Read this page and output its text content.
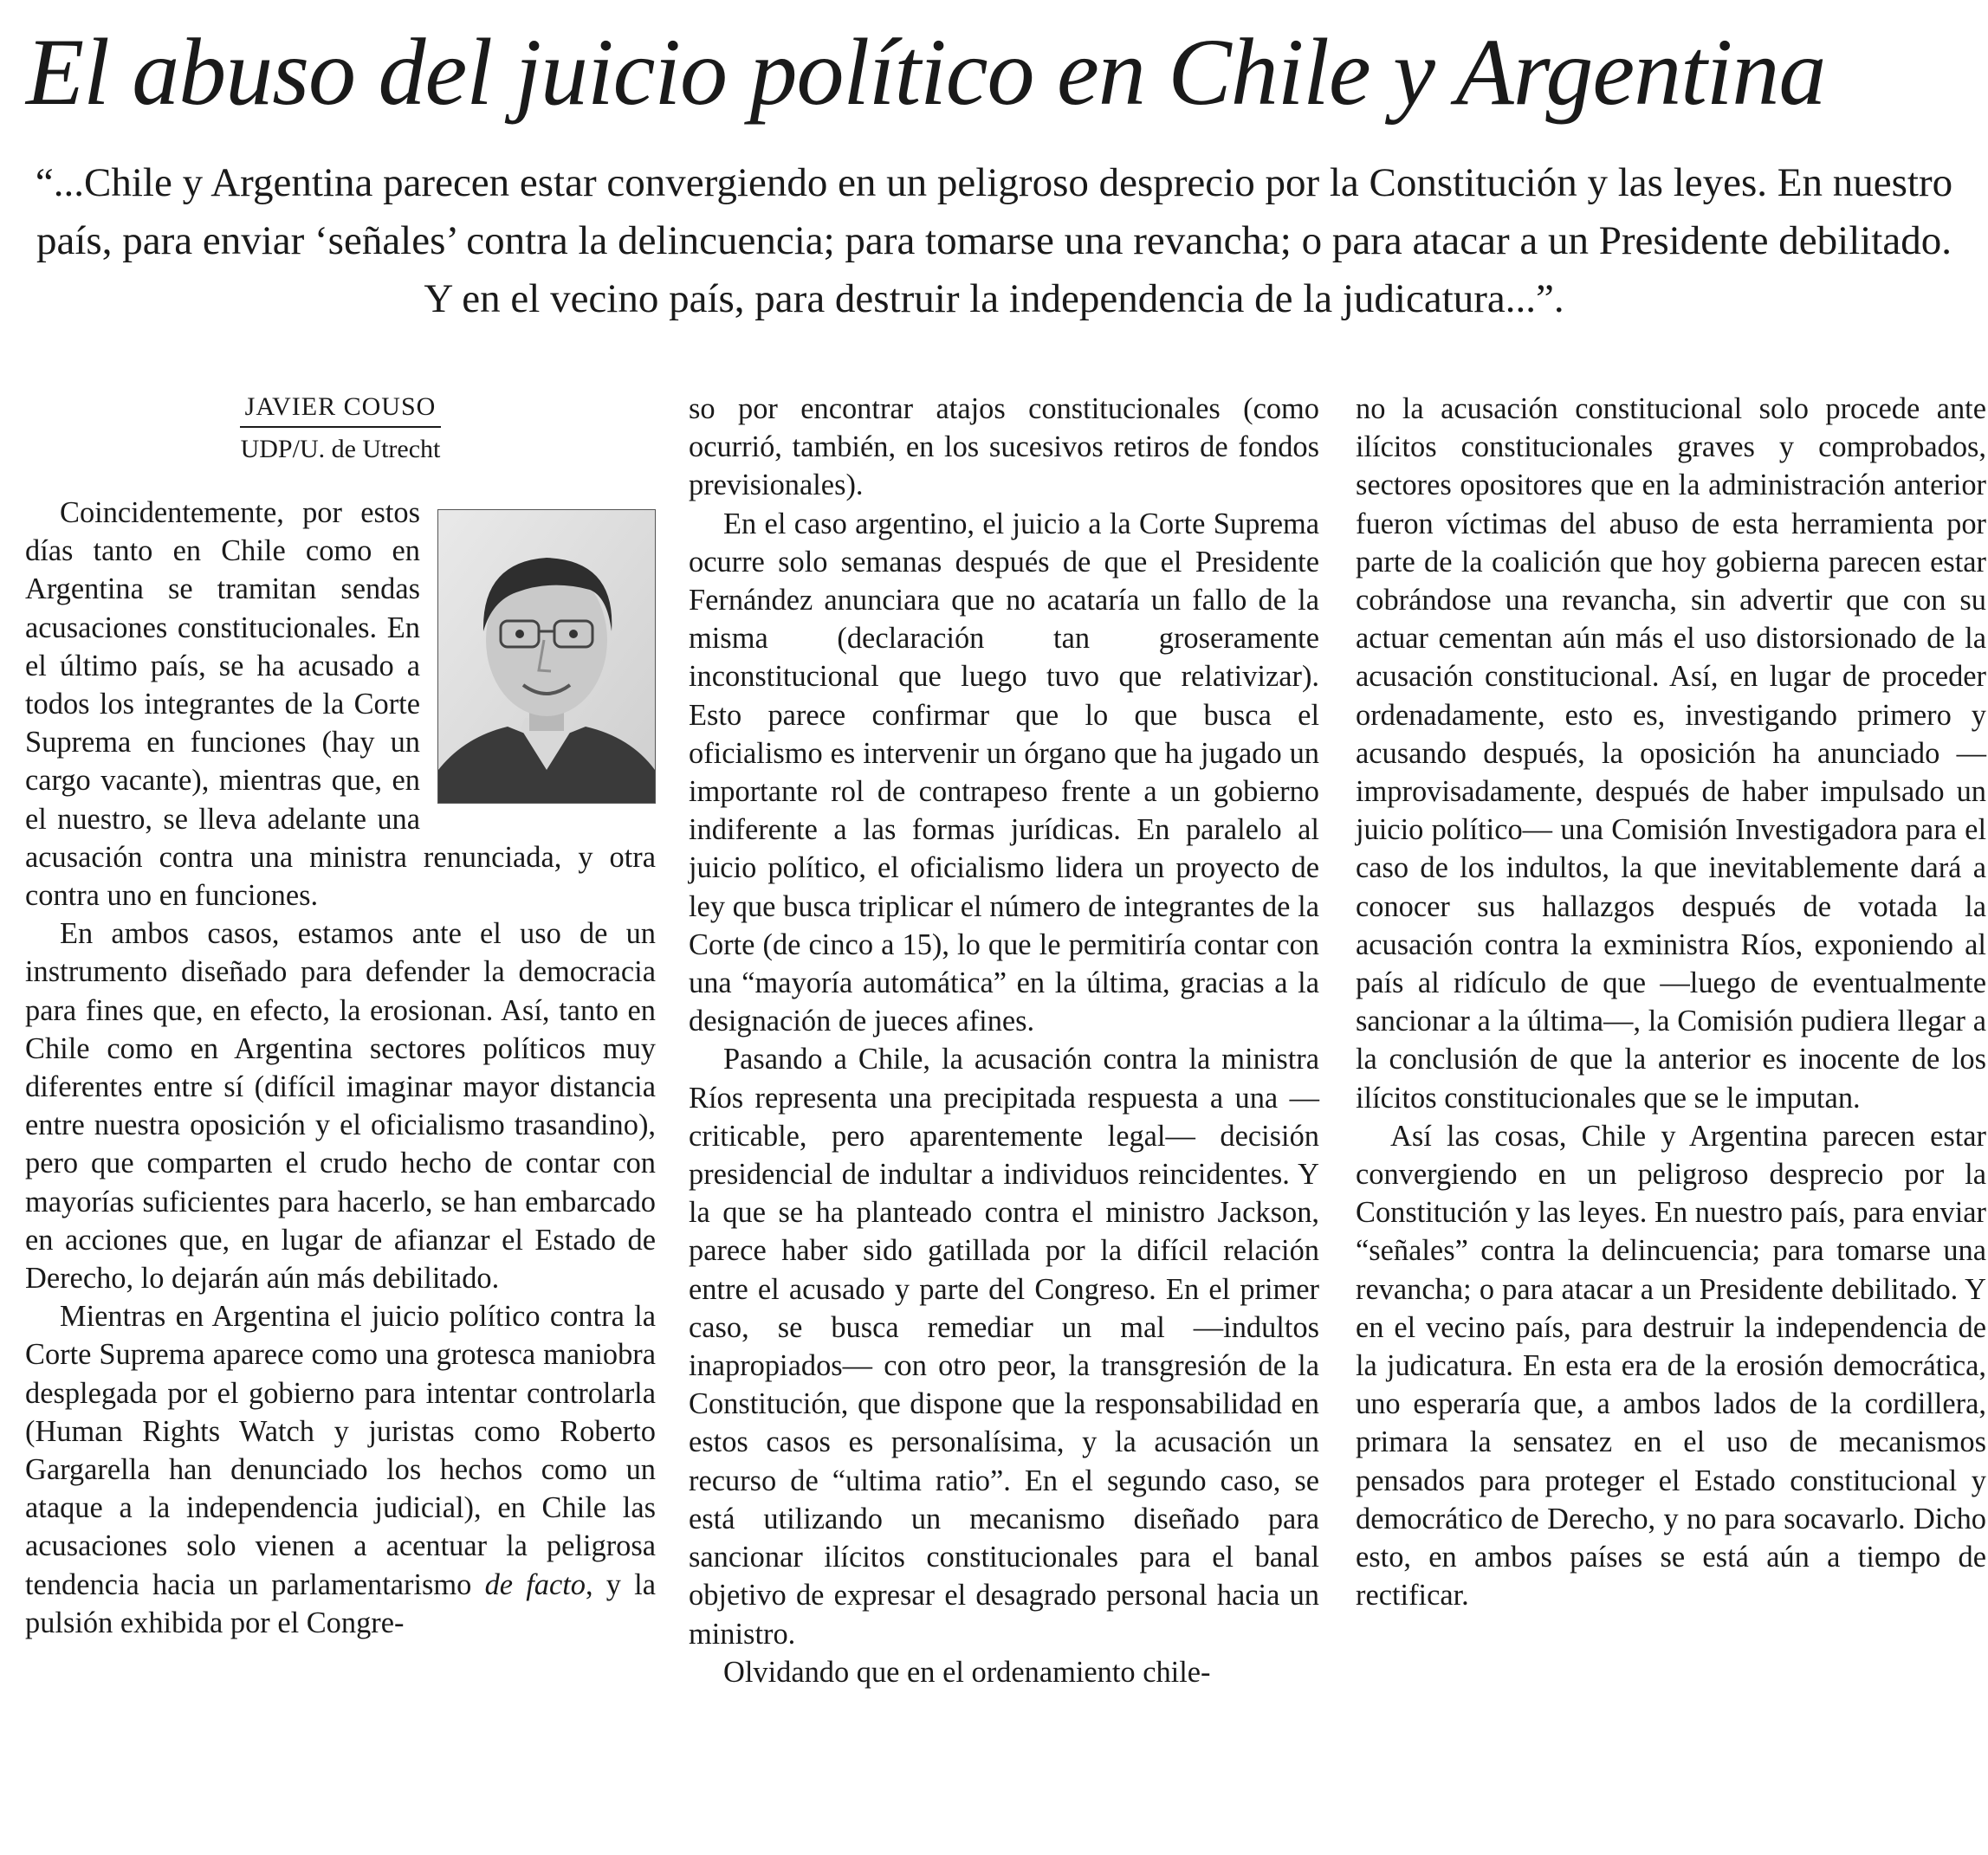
El abuso del juicio político en Chile y Argentina

“...Chile y Argentina parecen estar convergiendo en un peligroso desprecio por la Constitución y las leyes. En nuestro país, para enviar ‘señales’ contra la delincuencia; para tomarse una revancha; o para atacar a un Presidente debilitado. Y en el vecino país, para destruir la independencia de la judicatura...”.

JAVIER COUSO
UDP/U. de Utrecht

Coincidentemente, por estos días tanto en Chile como en Argentina se tramitan sendas acusaciones constitucionales. En el último país, se ha acusado a todos los integrantes de la Corte Suprema en funciones (hay un cargo vacante), mientras que, en el nuestro, se lleva adelante una acusación contra una ministra renunciada, y otra contra uno en funciones.

En ambos casos, estamos ante el uso de un instrumento diseñado para defender la democracia para fines que, en efecto, la erosionan. Así, tanto en Chile como en Argentina sectores políticos muy diferentes entre sí (difícil imaginar mayor distancia entre nuestra oposición y el oficialismo trasandino), pero que comparten el crudo hecho de contar con mayorías suficientes para hacerlo, se han embarcado en acciones que, en lugar de afianzar el Estado de Derecho, lo dejarán aún más debilitado.

Mientras en Argentina el juicio político contra la Corte Suprema aparece como una grotesca maniobra desplegada por el gobierno para intentar controlarla (Human Rights Watch y juristas como Roberto Gargarella han denunciado los hechos como un ataque a la independencia judicial), en Chile las acusaciones solo vienen a acentuar la peligrosa tendencia hacia un parlamentarismo de facto, y la pulsión exhibida por el Congre-

so por encontrar atajos constitucionales (como ocurrió, también, en los sucesivos retiros de fondos previsionales).

En el caso argentino, el juicio a la Corte Suprema ocurre solo semanas después de que el Presidente Fernández anunciara que no acataría un fallo de la misma (declaración tan groseramente inconstitucional que luego tuvo que relativizar). Esto parece confirmar que lo que busca el oficialismo es intervenir un órgano que ha jugado un importante rol de contrapeso frente a un gobierno indiferente a las formas jurídicas. En paralelo al juicio político, el oficialismo lidera un proyecto de ley que busca triplicar el número de integrantes de la Corte (de cinco a 15), lo que le permitiría contar con una “mayoría automática” en la última, gracias a la designación de jueces afines.

Pasando a Chile, la acusación contra la ministra Ríos representa una precipitada respuesta a una —criticable, pero aparentemente legal— decisión presidencial de indultar a individuos reincidentes. Y la que se ha planteado contra el ministro Jackson, parece haber sido gatillada por la difícil relación entre el acusado y parte del Congreso. En el primer caso, se busca remediar un mal —indultos inapropiados— con otro peor, la transgresión de la Constitución, que dispone que la responsabilidad en estos casos es personalísima, y la acusación un recurso de “ultima ratio”. En el segundo caso, se está utilizando un mecanismo diseñado para sancionar ilícitos constitucionales para el banal objetivo de expresar el desagrado personal hacia un ministro.

Olvidando que en el ordenamiento chile-

no la acusación constitucional solo procede ante ilícitos constitucionales graves y comprobados, sectores opositores que en la administración anterior fueron víctimas del abuso de esta herramienta por parte de la coalición que hoy gobierna parecen estar cobrándose una revancha, sin advertir que con su actuar cementan aún más el uso distorsionado de la acusación constitucional. Así, en lugar de proceder ordenadamente, esto es, investigando primero y acusando después, la oposición ha anunciado —improvisadamente, después de haber impulsado un juicio político— una Comisión Investigadora para el caso de los indultos, la que inevitablemente dará a conocer sus hallazgos después de votada la acusación contra la exministra Ríos, exponiendo al país al ridículo de que —luego de eventualmente sancionar a la última—, la Comisión pudiera llegar a la conclusión de que la anterior es inocente de los ilícitos constitucionales que se le imputan.

Así las cosas, Chile y Argentina parecen estar convergiendo en un peligroso desprecio por la Constitución y las leyes. En nuestro país, para enviar “señales” contra la delincuencia; para tomarse una revancha; o para atacar a un Presidente debilitado. Y en el vecino país, para destruir la independencia de la judicatura. En esta era de la erosión democrática, uno esperaría que, a ambos lados de la cordillera, primara la sensatez en el uso de mecanismos pensados para proteger el Estado constitucional y democrático de Derecho, y no para socavarlo. Dicho esto, en ambos países se está aún a tiempo de rectificar.
